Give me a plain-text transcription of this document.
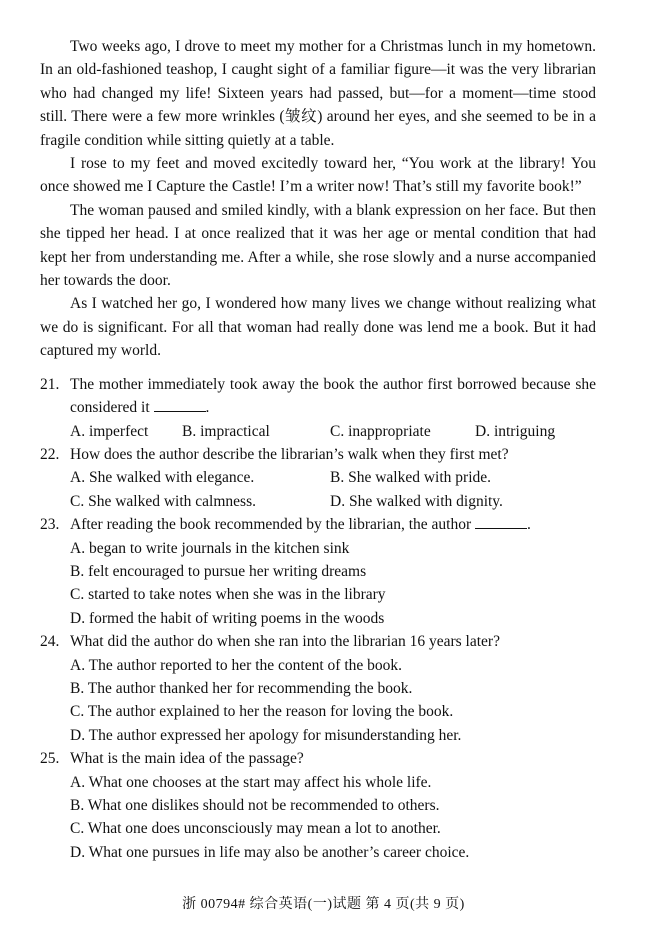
Two weeks ago, I drove to meet my mother for a Christmas lunch in my hometown. In an old-fashioned teashop, I caught sight of a familiar figure—it was the very librarian who had changed my life! Sixteen years had passed, but—for a moment—time stood still. There were a few more wrinkles (皱纹) around her eyes, and she seemed to be in a fragile condition while sitting quietly at a table.

I rose to my feet and moved excitedly toward her, “You work at the library! You once showed me I Capture the Castle! I’m a writer now! That’s still my favorite book!”

The woman paused and smiled kindly, with a blank expression on her face. But then she tipped her head. I at once realized that it was her age or mental condition that had kept her from understanding me. After a while, she rose slowly and a nurse accompanied her towards the door.

As I watched her go, I wondered how many lives we change without realizing what we do is significant. For all that woman had really done was lend me a book. But it had captured my world.

21. The mother immediately took away the book the author first borrowed because she considered it	.
A. imperfect	B. impractical	C. inappropriate	D. intriguing
22. How does the author describe the librarian’s walk when they first met?
A. She walked with elegance.	B. She walked with pride.
C. She walked with calmness.	D. She walked with dignity.
23. After reading the book recommended by the librarian, the author	.
A. began to write journals in the kitchen sink
B. felt encouraged to pursue her writing dreams
C. started to take notes when she was in the library
D. formed the habit of writing poems in the woods
24. What did the author do when she ran into the librarian 16 years later?
A. The author reported to her the content of the book.
B. The author thanked her for recommending the book.
C. The author explained to her the reason for loving the book.
D. The author expressed her apology for misunderstanding her.
25. What is the main idea of the passage?
A. What one chooses at the start may affect his whole life.
B. What one dislikes should not be recommended to others.
C. What one does unconsciously may mean a lot to another.
D. What one pursues in life may also be another’s career choice.
浙 00794# 综合英语(一)试题 第 4 页(共 9 页)
